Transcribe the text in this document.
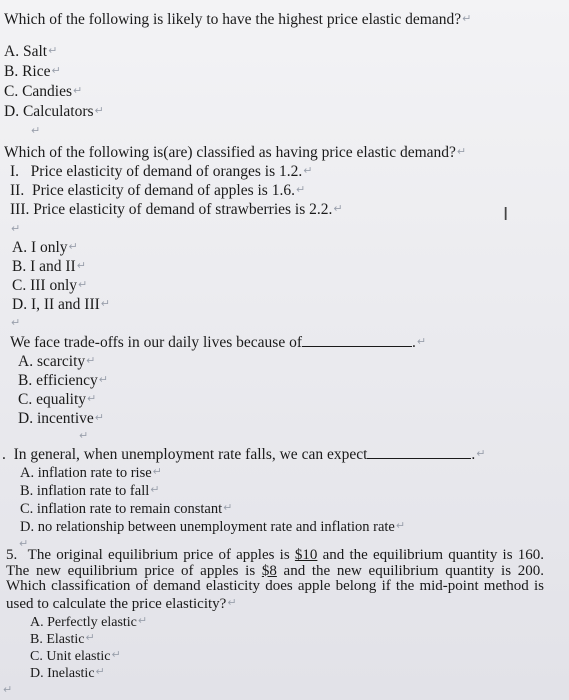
Which of the following is likely to have the highest price elastic demand?↵
A. Salt↵
B. Rice↵
C. Candies↵
D. Calculators↵
↵
Which of the following is(are) classified as having price elastic demand?↵
I.   Price elasticity of demand of oranges is 1.2.↵
II.  Price elasticity of demand of apples is 1.6.↵
III. Price elasticity of demand of strawberries is 2.2.↵
↵
A. I only↵
B. I and II↵
C. III only↵
D. I, II and III↵
↵
We face trade-offs in our daily lives because of	.↵
A. scarcity↵
B. efficiency↵
C. equality↵
D. incentive↵
↵
. In general, when unemployment rate falls, we can expect	.↵
A. inflation rate to rise↵
B. inflation rate to fall↵
C. inflation rate to remain constant↵
D. no relationship between unemployment rate and inflation rate↵
↵
5. The original equilibrium price of apples is $10 and the equilibrium quantity is 160. The new equilibrium price of apples is $8 and the new equilibrium quantity is 200. Which classification of demand elasticity does apple belong if the mid-point method is used to calculate the price elasticity?↵
A. Perfectly elastic↵
B. Elastic↵
C. Unit elastic↵
D. Inelastic↵
↵
I
